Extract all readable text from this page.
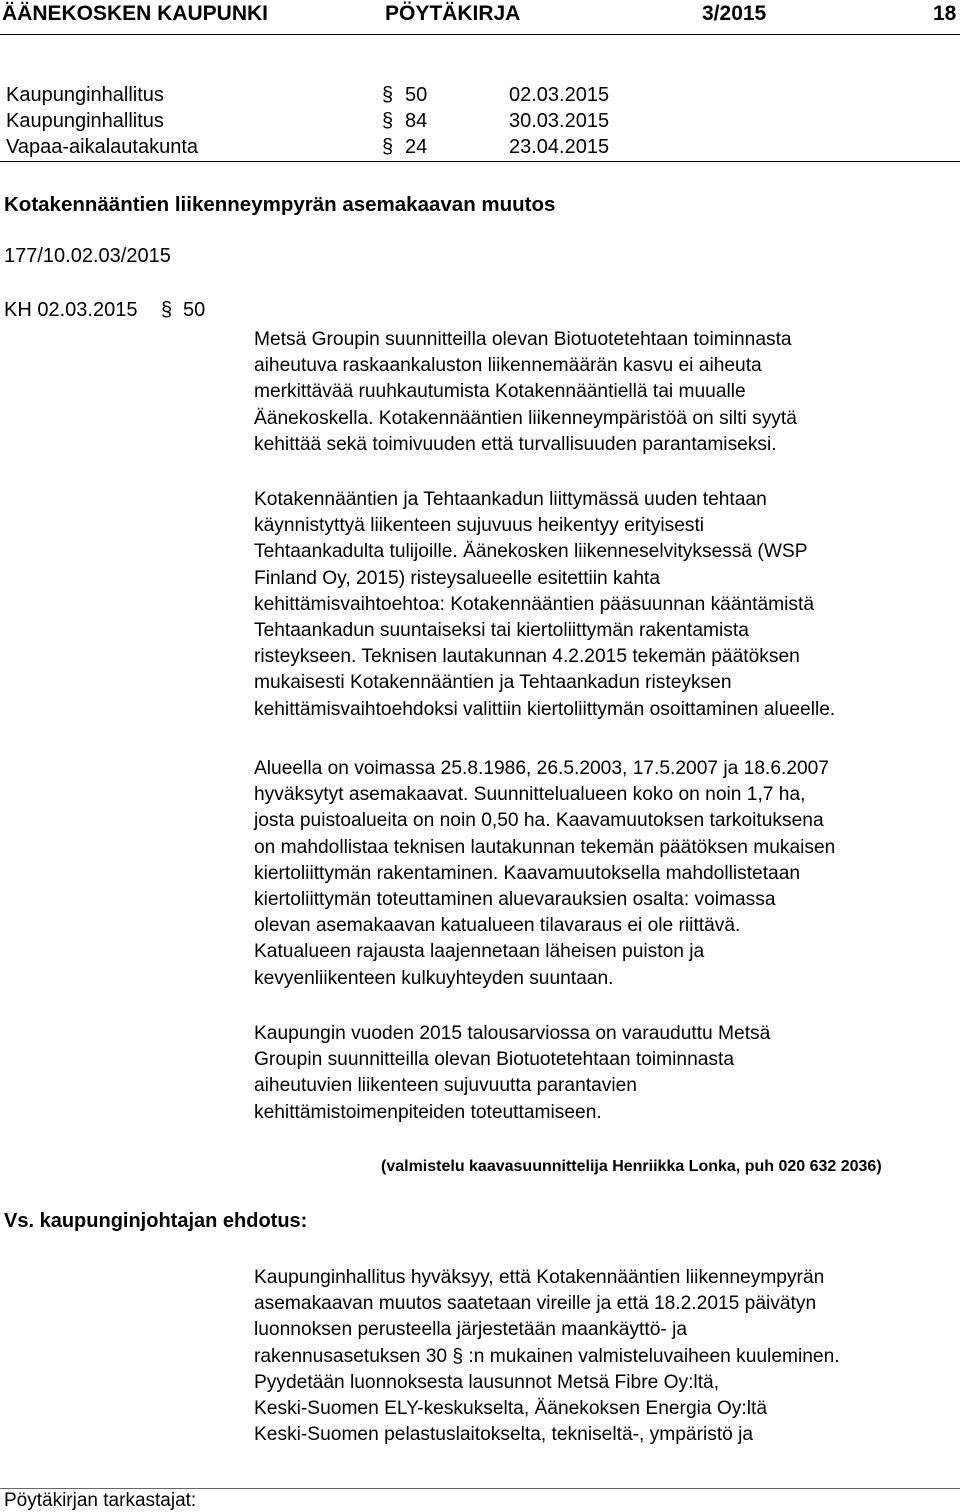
ÄÄNEKOSKEN KAUPUNKI	PÖYTÄKIRJA	3/2015	18
Kaupunginhallitus	§ 50	02.03.2015
Kaupunginhallitus	§ 84	30.03.2015
Vapaa-aikalautakunta	§ 24	23.04.2015
Kotakennääntien liikenneympyrän asemakaavan muutos
177/10.02.03/2015
KH 02.03.2015 § 50
Metsä Groupin suunnitteilla olevan Biotuotetehtaan toiminnasta
aiheutuva raskaankaluston liikennemäärän kasvu ei aiheuta
merkittävää ruuhkautumista Kotakennääntiellä tai muualle
Äänekoskella. Kotakennääntien liikenneympäristöä on silti syytä
kehittää sekä toimivuuden että turvallisuuden parantamiseksi.
Kotakennääntien ja Tehtaankadun liittymässä uuden tehtaan
käynnistyttyä liikenteen sujuvuus heikentyy erityisesti
Tehtaankadulta tulijoille. Äänekosken liikenneselvityksessä (WSP
Finland Oy, 2015) risteysalueelle esitettiin kahta
kehittämisvaihtoehtoa: Kotakennääntien pääsuunnan kääntämistä
Tehtaankadun suuntaiseksi tai kiertoliittymän rakentamista
risteykseen. Teknisen lautakunnan 4.2.2015 tekemän päätöksen
mukaisesti Kotakennääntien ja Tehtaankadun risteyksen
kehittämisvaihtoehdoksi valittiin kiertoliittymän osoittaminen alueelle.
Alueella on voimassa 25.8.1986, 26.5.2003, 17.5.2007 ja 18.6.2007
hyväksytyt asemakaavat. Suunnittelualueen koko on noin 1,7 ha,
josta puistoalueita on noin 0,50 ha. Kaavamuutoksen tarkoituksena
on mahdollistaa teknisen lautakunnan tekemän päätöksen mukaisen
kiertoliittymän rakentaminen. Kaavamuutoksella mahdollistetaan
kiertoliittymän toteuttaminen aluevarauksien osalta: voimassa
olevan asemakaavan katualueen tilavaraus ei ole riittävä.
Katualueen rajausta laajennetaan läheisen puiston ja
kevyenliikenteen kulkuyhteyden suuntaan.
Kaupungin vuoden 2015 talousarviossa on varauduttu Metsä
Groupin suunnitteilla olevan Biotuotetehtaan toiminnasta
aiheutuvien liikenteen sujuvuutta parantavien
kehittämistoimenpiteiden toteuttamiseen.
(valmistelu kaavasuunnittelija Henriikka Lonka, puh 020 632 2036)
Vs. kaupunginjohtajan ehdotus:
Kaupunginhallitus hyväksyy, että Kotakennääntien liikenneympyrän
asemakaavan muutos saatetaan vireille ja että 18.2.2015 päivätyn
luonnoksen perusteella järjestetään maankäyttö- ja
rakennusasetuksen 30 § :n mukainen valmisteluvaiheen kuuleminen.
Pyydetään luonnoksesta lausunnot Metsä Fibre Oy:ltä,
Keski-Suomen ELY-keskukselta, Äänekoksen Energia Oy:ltä
Keski-Suomen pelastuslaitokselta, tekniseltä-, ympäristö ja
Pöytäkirjan tarkastajat:
